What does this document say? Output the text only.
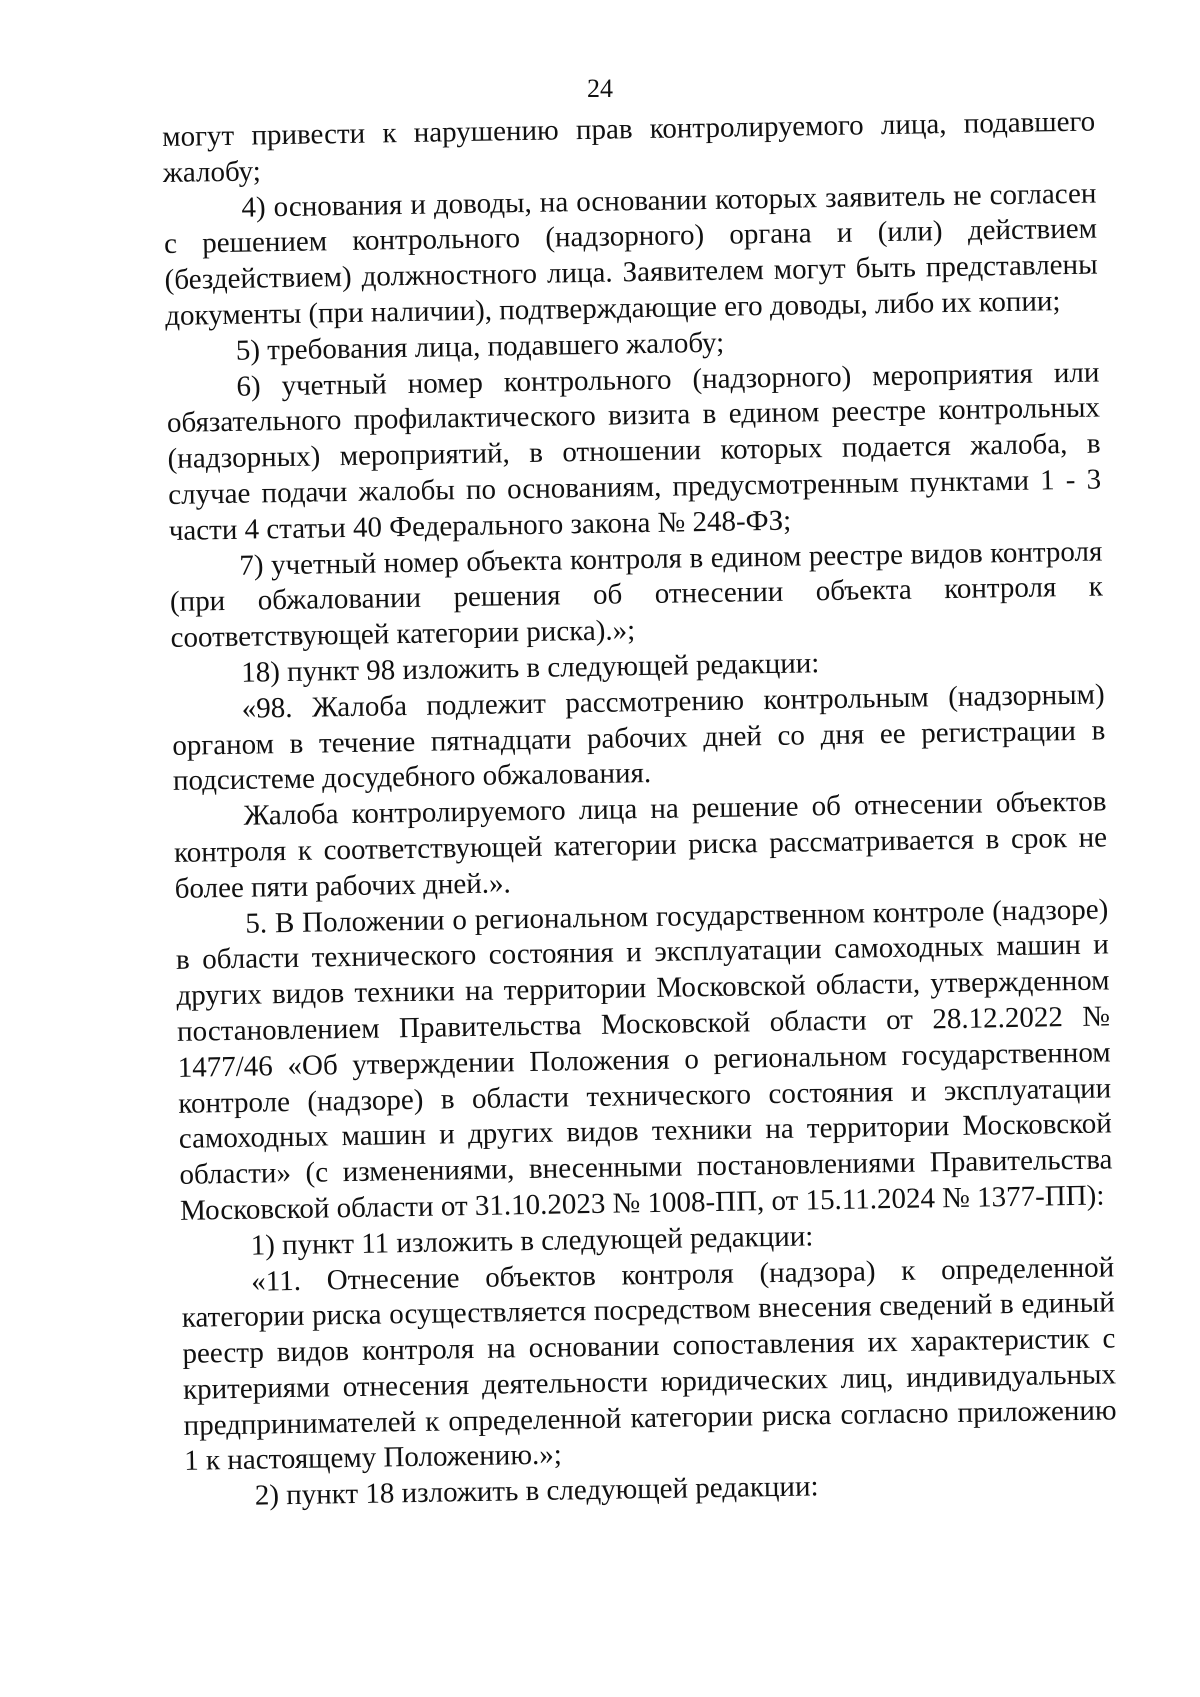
24

могут привести к нарушению прав контролируемого лица, подавшего жалобу;

4) основания и доводы, на основании которых заявитель не согласен с решением контрольного (надзорного) органа и (или) действием (бездействием) должностного лица. Заявителем могут быть представлены документы (при наличии), подтверждающие его доводы, либо их копии;

5) требования лица, подавшего жалобу;

6) учетный номер контрольного (надзорного) мероприятия или обязательного профилактического визита в едином реестре контрольных (надзорных) мероприятий, в отношении которых подается жалоба, в случае подачи жалобы по основаниям, предусмотренным пунктами 1 - 3 части 4 статьи 40 Федерального закона № 248-ФЗ;

7) учетный номер объекта контроля в едином реестре видов контроля (при обжаловании решения об отнесении объекта контроля к соответствующей категории риска).»;

18) пункт 98 изложить в следующей редакции:

«98. Жалоба подлежит рассмотрению контрольным (надзорным) органом в течение пятнадцати рабочих дней со дня ее регистрации в подсистеме досудебного обжалования.

Жалоба контролируемого лица на решение об отнесении объектов контроля к соответствующей категории риска рассматривается в срок не более пяти рабочих дней.».

5. В Положении о региональном государственном контроле (надзоре) в области технического состояния и эксплуатации самоходных машин и других видов техники на территории Московской области, утвержденном постановлением Правительства Московской области от 28.12.2022 № 1477/46 «Об утверждении Положения о региональном государственном контроле (надзоре) в области технического состояния и эксплуатации самоходных машин и других видов техники на территории Московской области» (с изменениями, внесенными постановлениями Правительства Московской области от 31.10.2023 № 1008-ПП, от 15.11.2024 № 1377-ПП):

1) пункт 11 изложить в следующей редакции:

«11. Отнесение объектов контроля (надзора) к определенной категории риска осуществляется посредством внесения сведений в единый реестр видов контроля на основании сопоставления их характеристик с критериями отнесения деятельности юридических лиц, индивидуальных предпринимателей к определенной категории риска согласно приложению 1 к настоящему Положению.»;

2) пункт 18 изложить в следующей редакции:
